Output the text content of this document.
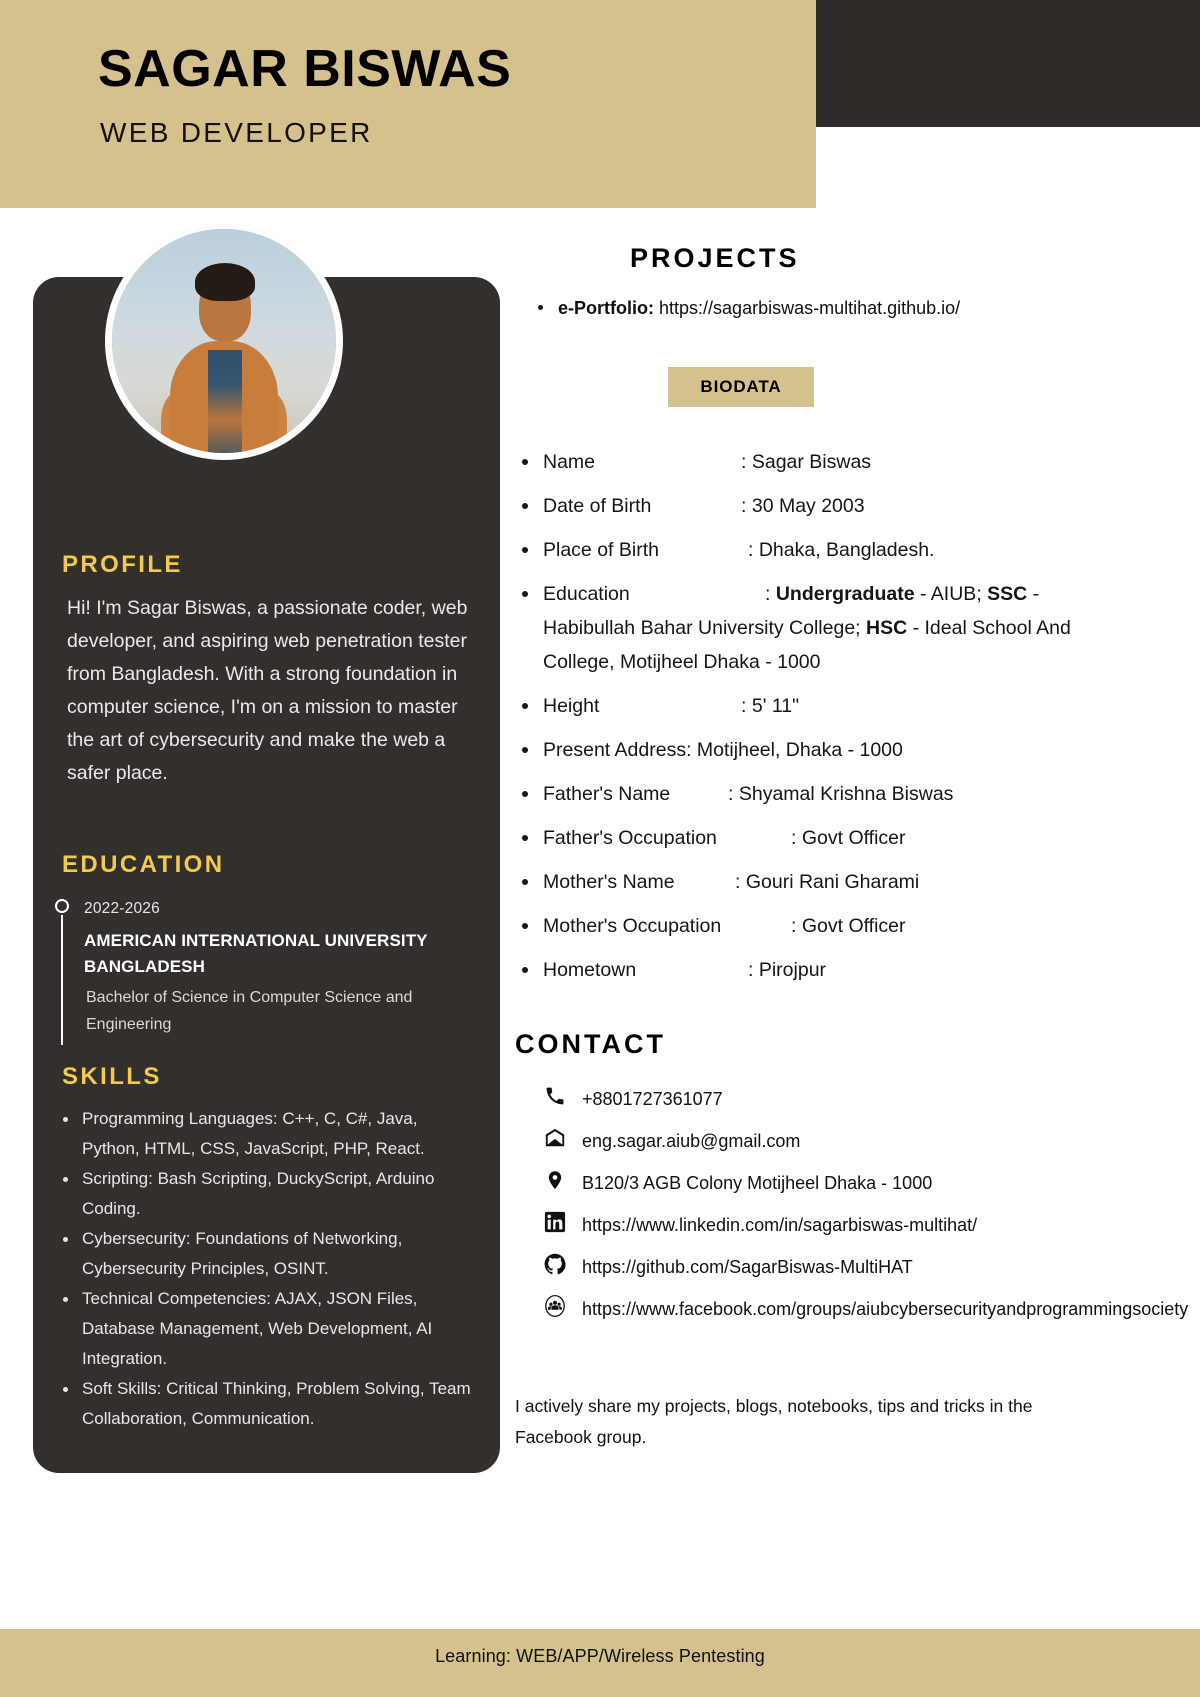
SAGAR BISWAS
WEB DEVELOPER
PROFILE
Hi! I'm Sagar Biswas, a passionate coder, web developer, and aspiring web penetration tester from Bangladesh. With a strong foundation in computer science, I'm on a mission to master the art of cybersecurity and make the web a safer place.
EDUCATION
2022-2026
AMERICAN INTERNATIONAL UNIVERSITY BANGLADESH
Bachelor of Science in Computer Science and Engineering
SKILLS
Programming Languages: C++, C, C#, Java, Python, HTML, CSS, JavaScript, PHP, React.
Scripting: Bash Scripting, DuckyScript, Arduino Coding.
Cybersecurity: Foundations of Networking, Cybersecurity Principles, OSINT.
Technical Competencies: AJAX, JSON Files, Database Management, Web Development, AI Integration.
Soft Skills: Critical Thinking, Problem Solving, Team Collaboration, Communication.
PROJECTS
e-Portfolio: https://sagarbiswas-multihat.github.io/
BIODATA
Name	: Sagar Biswas
Date of Birth	: 30 May 2003
Place of Birth	: Dhaka, Bangladesh.
Education	: Undergraduate - AIUB; SSC - Habibullah Bahar University College; HSC - Ideal School And College, Motijheel Dhaka - 1000
Height	: 5' 11"
Present Address: Motijheel, Dhaka - 1000
Father's Name	: Shyamal Krishna Biswas
Father's Occupation	: Govt Officer
Mother's Name	: Gouri Rani Gharami
Mother's Occupation	: Govt Officer
Hometown	: Pirojpur
CONTACT
+8801727361077
eng.sagar.aiub@gmail.com
B120/3 AGB Colony Motijheel Dhaka - 1000
https://www.linkedin.com/in/sagarbiswas-multihat/
https://github.com/SagarBiswas-MultiHAT
https://www.facebook.com/groups/aiubcybersecurityandprogrammingsociety
I actively share my projects, blogs, notebooks, tips and tricks in the Facebook group.
Learning: WEB/APP/Wireless Pentesting
